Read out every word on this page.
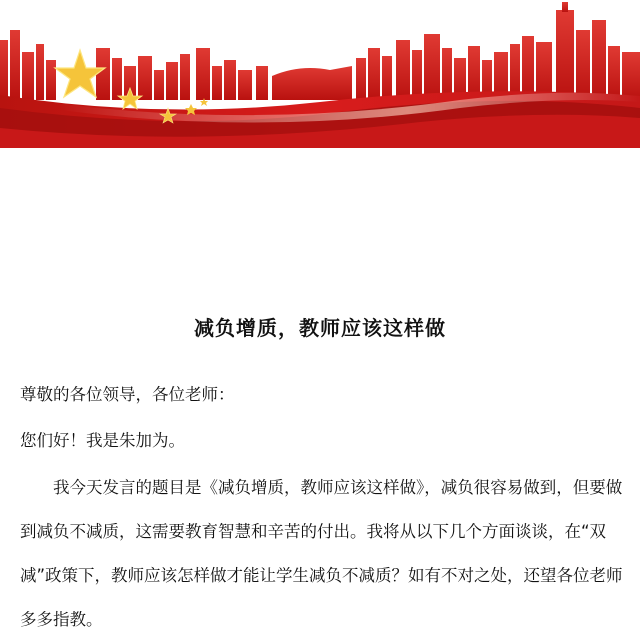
减负增质，教师应该这样做

尊敬的各位领导，各位老师：

您们好！我是朱加为。

我今天发言的题目是《减负增质，教师应该这样做》，减负很容易做到，但要做到减负不减质，这需要教育智慧和辛苦的付出。我将从以下几个方面谈谈，在“双减”政策下，教师应该怎样做才能让学生减负不减质？如有不对之处，还望各位老师多多指教。
